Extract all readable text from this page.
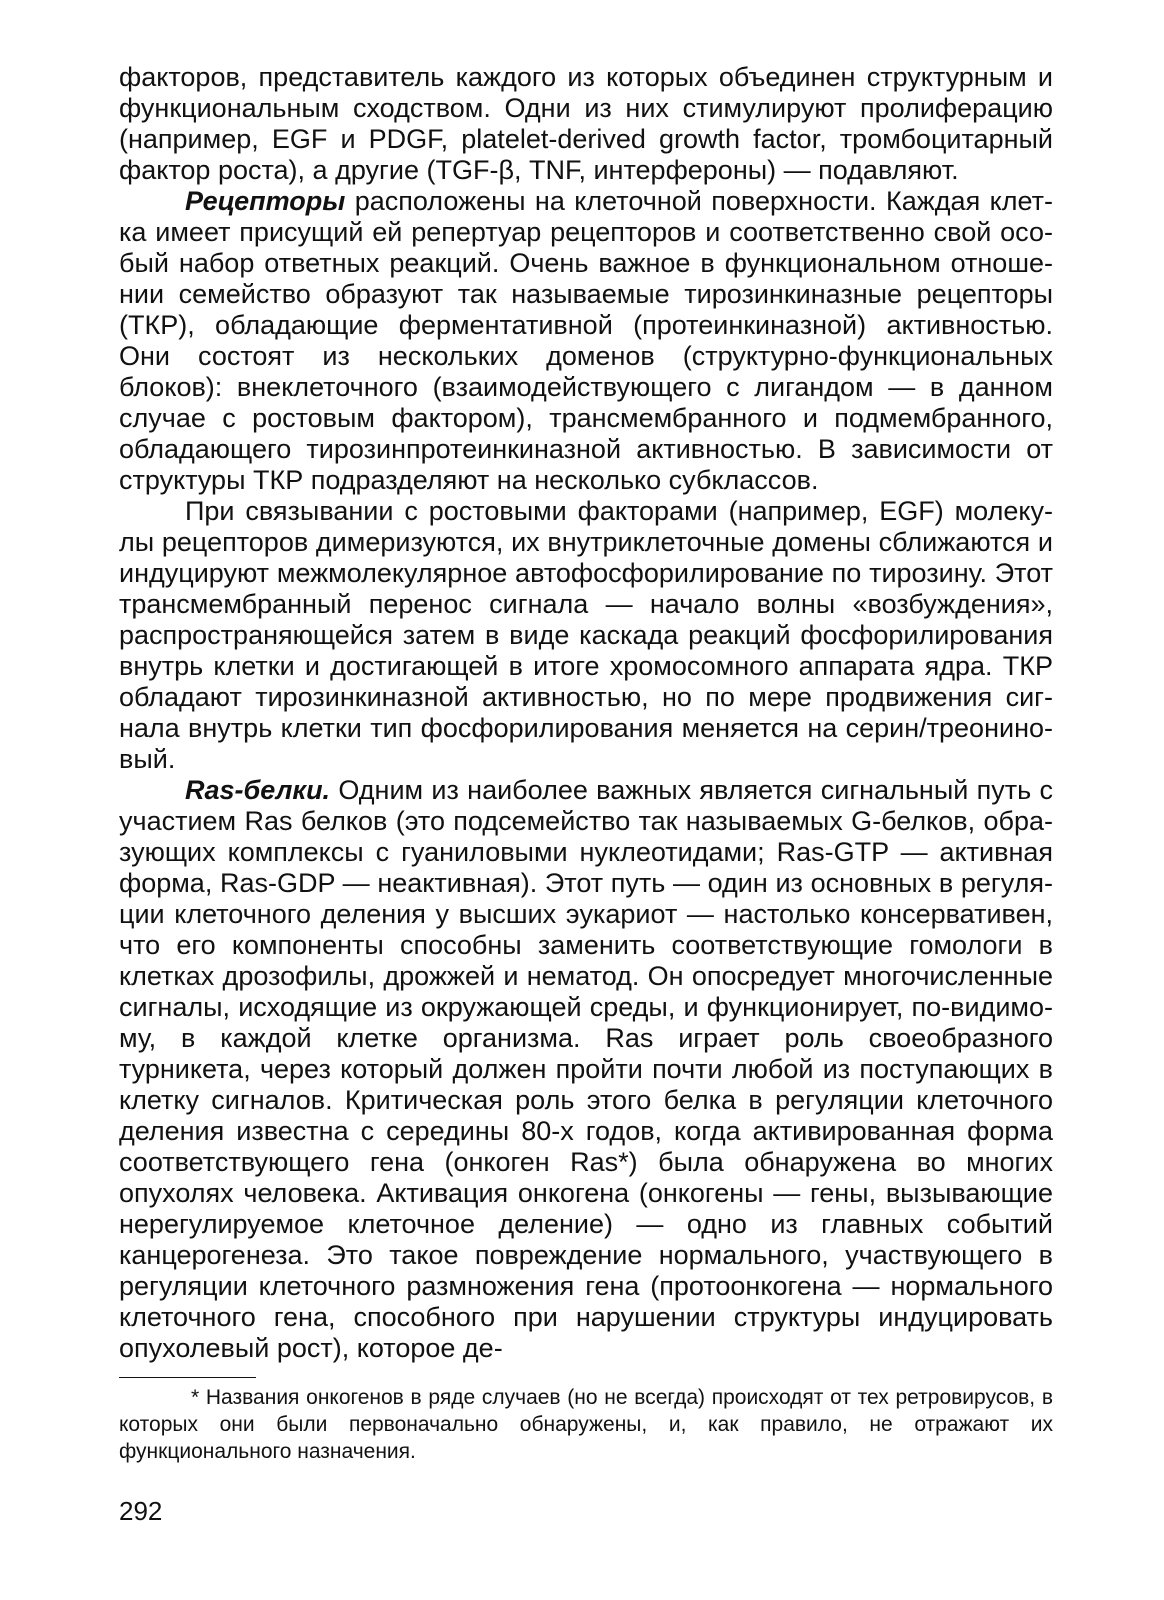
факторов, представитель каждого из которых объединен структурным и функциональным сходством. Одни из них стимулируют пролиферацию (например, EGF и PDGF, platelet-derived growth factor, тромбоцитарный фактор роста), а другие (TGF-β, TNF, интерфероны) — подавляют.

Рецепторы расположены на клеточной поверхности. Каждая клетка имеет присущий ей репертуар рецепторов и соответственно свой особый набор ответных реакций. Очень важное в функциональном отношении семейство образуют так называемые тирозинкиназные рецепторы (ТКР), обладающие ферментативной (протеинкиназной) активностью. Они состоят из нескольких доменов (структурно-функциональных блоков): внеклеточного (взаимодействующего с лигандом — в данном случае с ростовым фактором), трансмембранного и подмембранного, обладающего тирозинпротеинкиназной активностью. В зависимости от структуры ТКР подразделяют на несколько субклассов.

При связывании с ростовыми факторами (например, EGF) молекулы рецепторов димеризуются, их внутриклеточные домены сближаются и индуцируют межмолекулярное автофосфорилирование по тирозину. Этот трансмембранный перенос сигнала — начало волны «возбуждения», распространяющейся затем в виде каскада реакций фосфорилирования внутрь клетки и достигающей в итоге хромосомного аппарата ядра. ТКР обладают тирозинкиназной активностью, но по мере продвижения сигнала внутрь клетки тип фосфорилирования меняется на серин/треониновый.

Ras-белки. Одним из наиболее важных является сигнальный путь с участием Ras белков (это подсемейство так называемых G-белков, образующих комплексы с гуаниловыми нуклеотидами; Ras-GTP — активная форма, Ras-GDP — неактивная). Этот путь — один из основных в регуляции клеточного деления у высших эукариот — настолько консервативен, что его компоненты способны заменить соответствующие гомологи в клетках дрозофилы, дрожжей и нематод. Он опосредует многочисленные сигналы, исходящие из окружающей среды, и функционирует, по-видимому, в каждой клетке организма. Ras играет роль своеобразного турникета, через который должен пройти почти любой из поступающих в клетку сигналов. Критическая роль этого белка в регуляции клеточного деления известна с середины 80-х годов, когда активированная форма соответствующего гена (онкоген Ras*) была обнаружена во многих опухолях человека. Активация онкогена (онкогены — гены, вызывающие нерегулируемое клеточное деление) — одно из главных событий канцерогенеза. Это такое повреждение нормального, участвующего в регуляции клеточного размножения гена (протоонкогена — нормального клеточного гена, способного при нарушении структуры индуцировать опухолевый рост), которое де-

* Названия онкогенов в ряде случаев (но не всегда) происходят от тех ретровирусов, в которых они были первоначально обнаружены, и, как правило, не отражают их функционального назначения.

292
